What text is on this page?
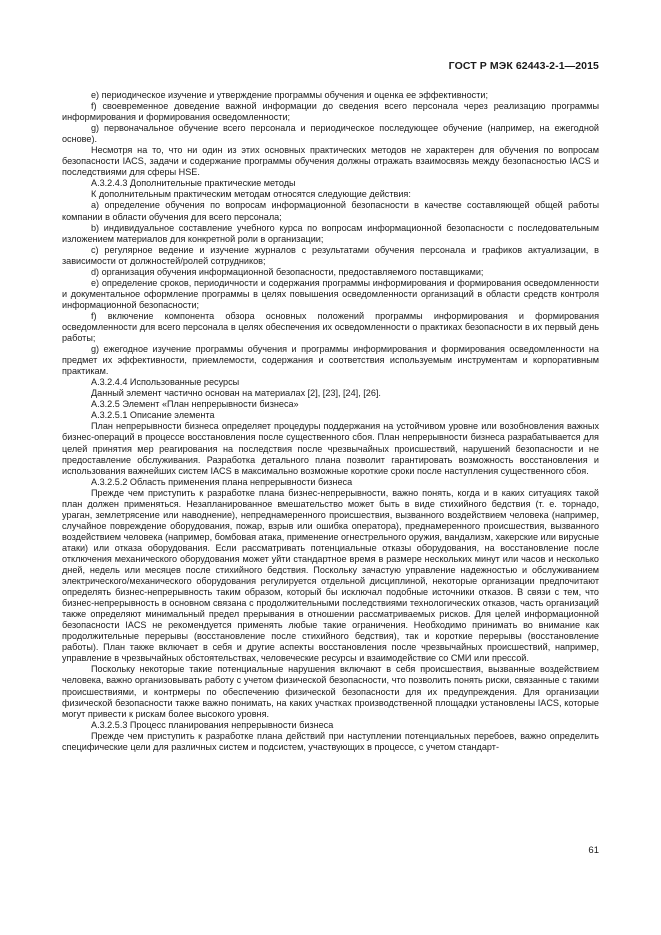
ГОСТ Р МЭК 62443-2-1—2015

e) периодическое изучение и утверждение программы обучения и оценка ее эффективности;

f) своевременное доведение важной информации до сведения всего персонала через реализацию программы информирования и формирования осведомленности;

g) первоначальное обучение всего персонала и периодическое последующее обучение (например, на ежегодной основе).

Несмотря на то, что ни один из этих основных практических методов не характерен для обучения по вопросам безопасности IACS, задачи и содержание программы обучения должны отражать взаимосвязь между безопасностью IACS и последствиями для сферы HSE.

A.3.2.4.3 Дополнительные практические методы

К дополнительным практическим методам относятся следующие действия:

а) определение обучения по вопросам информационной безопасности в качестве составляющей общей работы компании в области обучения для всего персонала;

b) индивидуальное составление учебного курса по вопросам информационной безопасности с последовательным изложением материалов для конкретной роли в организации;

c) регулярное ведение и изучение журналов с результатами обучения персонала и графиков актуализации, в зависимости от должностей/ролей сотрудников;

d) организация обучения информационной безопасности, предоставляемого поставщиками;

e) определение сроков, периодичности и содержания программы информирования и формирования осведомленности и документальное оформление программы в целях повышения осведомленности организаций в области средств контроля информационной безопасности;

f) включение компонента обзора основных положений программы информирования и формирования осведомленности для всего персонала в целях обеспечения их осведомленности о практиках безопасности в их первый день работы;

g) ежегодное изучение программы обучения и программы информирования и формирования осведомленности на предмет их эффективности, приемлемости, содержания и соответствия используемым инструментам и корпоративным практикам.

A.3.2.4.4 Использованные ресурсы

Данный элемент частично основан на материалах [2], [23], [24], [26].

A.3.2.5 Элемент «План непрерывности бизнеса»

A.3.2.5.1 Описание элемента

План непрерывности бизнеса определяет процедуры поддержания на устойчивом уровне или возобновления важных бизнес-операций в процессе восстановления после существенного сбоя. План непрерывности бизнеса разрабатывается для целей принятия мер реагирования на последствия после чрезвычайных происшествий, нарушений безопасности и не предоставление обслуживания. Разработка детального плана позволит гарантировать возможность восстановления и использования важнейших систем IACS в максимально возможные короткие сроки после наступления существенного сбоя.

A.3.2.5.2 Область применения плана непрерывности бизнеса

Прежде чем приступить к разработке плана бизнес-непрерывности, важно понять, когда и в каких ситуациях такой план должен применяться. Незапланированное вмешательство может быть в виде стихийного бедствия (т. е. торнадо, ураган, землетрясение или наводнение), непреднамеренного происшествия, вызванного воздействием человека (например, случайное повреждение оборудования, пожар, взрыв или ошибка оператора), преднамеренного происшествия, вызванного воздействием человека (например, бомбовая атака, применение огнестрельного оружия, вандализм, хакерские или вирусные атаки) или отказа оборудования. Если рассматривать потенциальные отказы оборудования, на восстановление после отключения механического оборудования может уйти стандартное время в размере нескольких минут или часов и несколько дней, недель или месяцев после стихийного бедствия. Поскольку зачастую управление надежностью и обслуживанием электрического/механического оборудования регулируется отдельной дисциплиной, некоторые организации предпочитают определять бизнес-непрерывность таким образом, который бы исключал подобные источники отказов. В связи с тем, что бизнес-непрерывность в основном связана с продолжительными последствиями технологических отказов, часть организаций также определяют минимальный предел прерывания в отношении рассматриваемых рисков. Для целей информационной безопасности IACS не рекомендуется применять любые такие ограничения. Необходимо принимать во внимание как продолжительные перерывы (восстановление после стихийного бедствия), так и короткие перерывы (восстановление работы). План также включает в себя и другие аспекты восстановления после чрезвычайных происшествий, например, управление в чрезвычайных обстоятельствах, человеческие ресурсы и взаимодействие со СМИ или прессой.

Поскольку некоторые такие потенциальные нарушения включают в себя происшествия, вызванные воздействием человека, важно организовывать работу с учетом физической безопасности, что позволить понять риски, связанные с такими происшествиями, и контрмеры по обеспечению физической безопасности для их предупреждения. Для организации физической безопасности также важно понимать, на каких участках производственной площадки установлены IACS, которые могут привести к рискам более высокого уровня.

A.3.2.5.3 Процесс планирования непрерывности бизнеса

Прежде чем приступить к разработке плана действий при наступлении потенциальных перебоев, важно определить специфические цели для различных систем и подсистем, участвующих в процессе, с учетом стандарт-

61
